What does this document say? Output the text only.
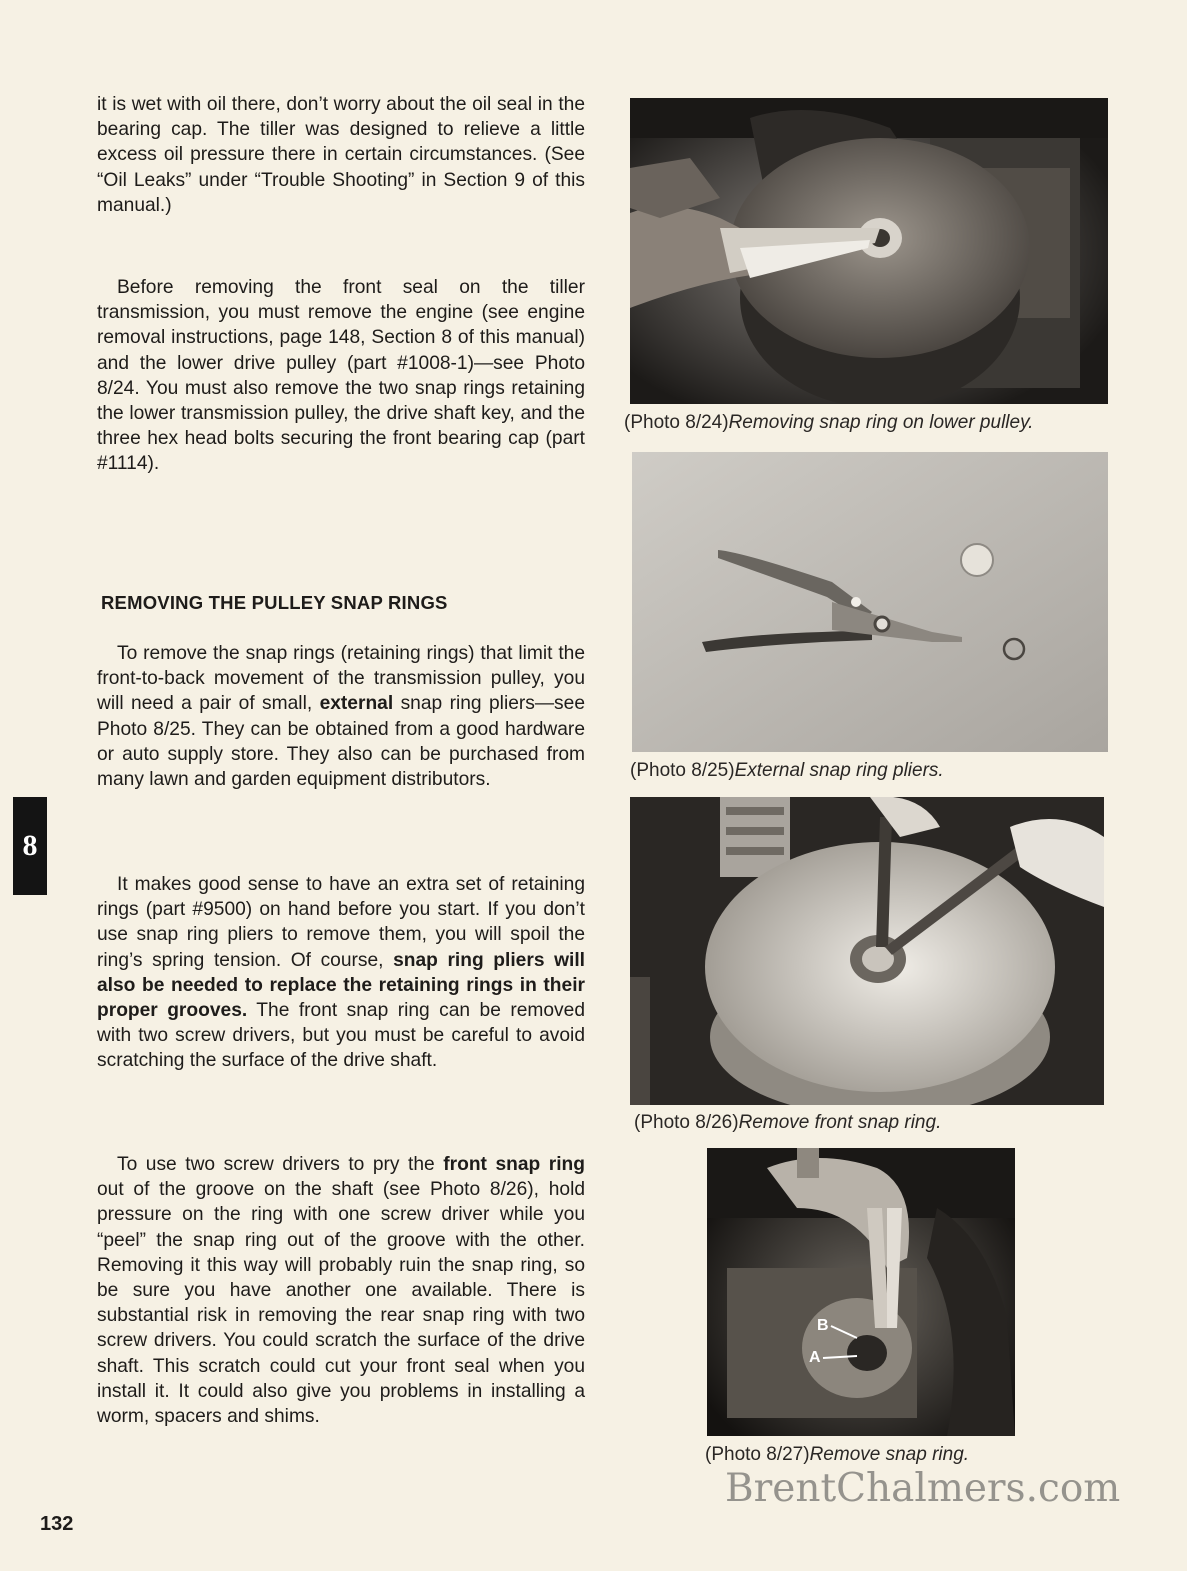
it is wet with oil there, don’t worry about the oil seal in the bearing cap. The tiller was designed to relieve a little excess oil pressure there in certain circumstances. (See “Oil Leaks” under “Trouble Shooting” in Section 9 of this manual.)
Before removing the front seal on the tiller transmission, you must remove the engine (see engine removal instructions, page 148, Section 8 of this manual) and the lower drive pulley (part #1008-1)—see Photo 8/24. You must also remove the two snap rings retaining the lower transmission pulley, the drive shaft key, and the three hex head bolts securing the front bearing cap (part #1114).
REMOVING THE PULLEY SNAP RINGS
To remove the snap rings (retaining rings) that limit the front-to-back movement of the transmission pulley, you will need a pair of small, external snap ring pliers—see Photo 8/25. They can be obtained from a good hardware or auto supply store. They also can be purchased from many lawn and garden equipment distributors.
It makes good sense to have an extra set of retaining rings (part #9500) on hand before you start. If you don’t use snap ring pliers to remove them, you will spoil the ring’s spring tension. Of course, snap ring pliers will also be needed to replace the retaining rings in their proper grooves. The front snap ring can be removed with two screw drivers, but you must be careful to avoid scratching the surface of the drive shaft.
To use two screw drivers to pry the front snap ring out of the groove on the shaft (see Photo 8/26), hold pressure on the ring with one screw driver while you “peel” the snap ring out of the groove with the other. Removing it this way will probably ruin the snap ring, so be sure you have another one available. There is substantial risk in removing the rear snap ring with two screw drivers. You could scratch the surface of the drive shaft. This scratch could cut your front seal when you install it. It could also give you problems in installing a worm, spacers and shims.
(Photo 8/24)Removing snap ring on lower pulley.
(Photo 8/25)External snap ring pliers.
(Photo 8/26)Remove front snap ring.
B
A
(Photo 8/27)Remove snap ring.
8
132
BrentChalmers.com
